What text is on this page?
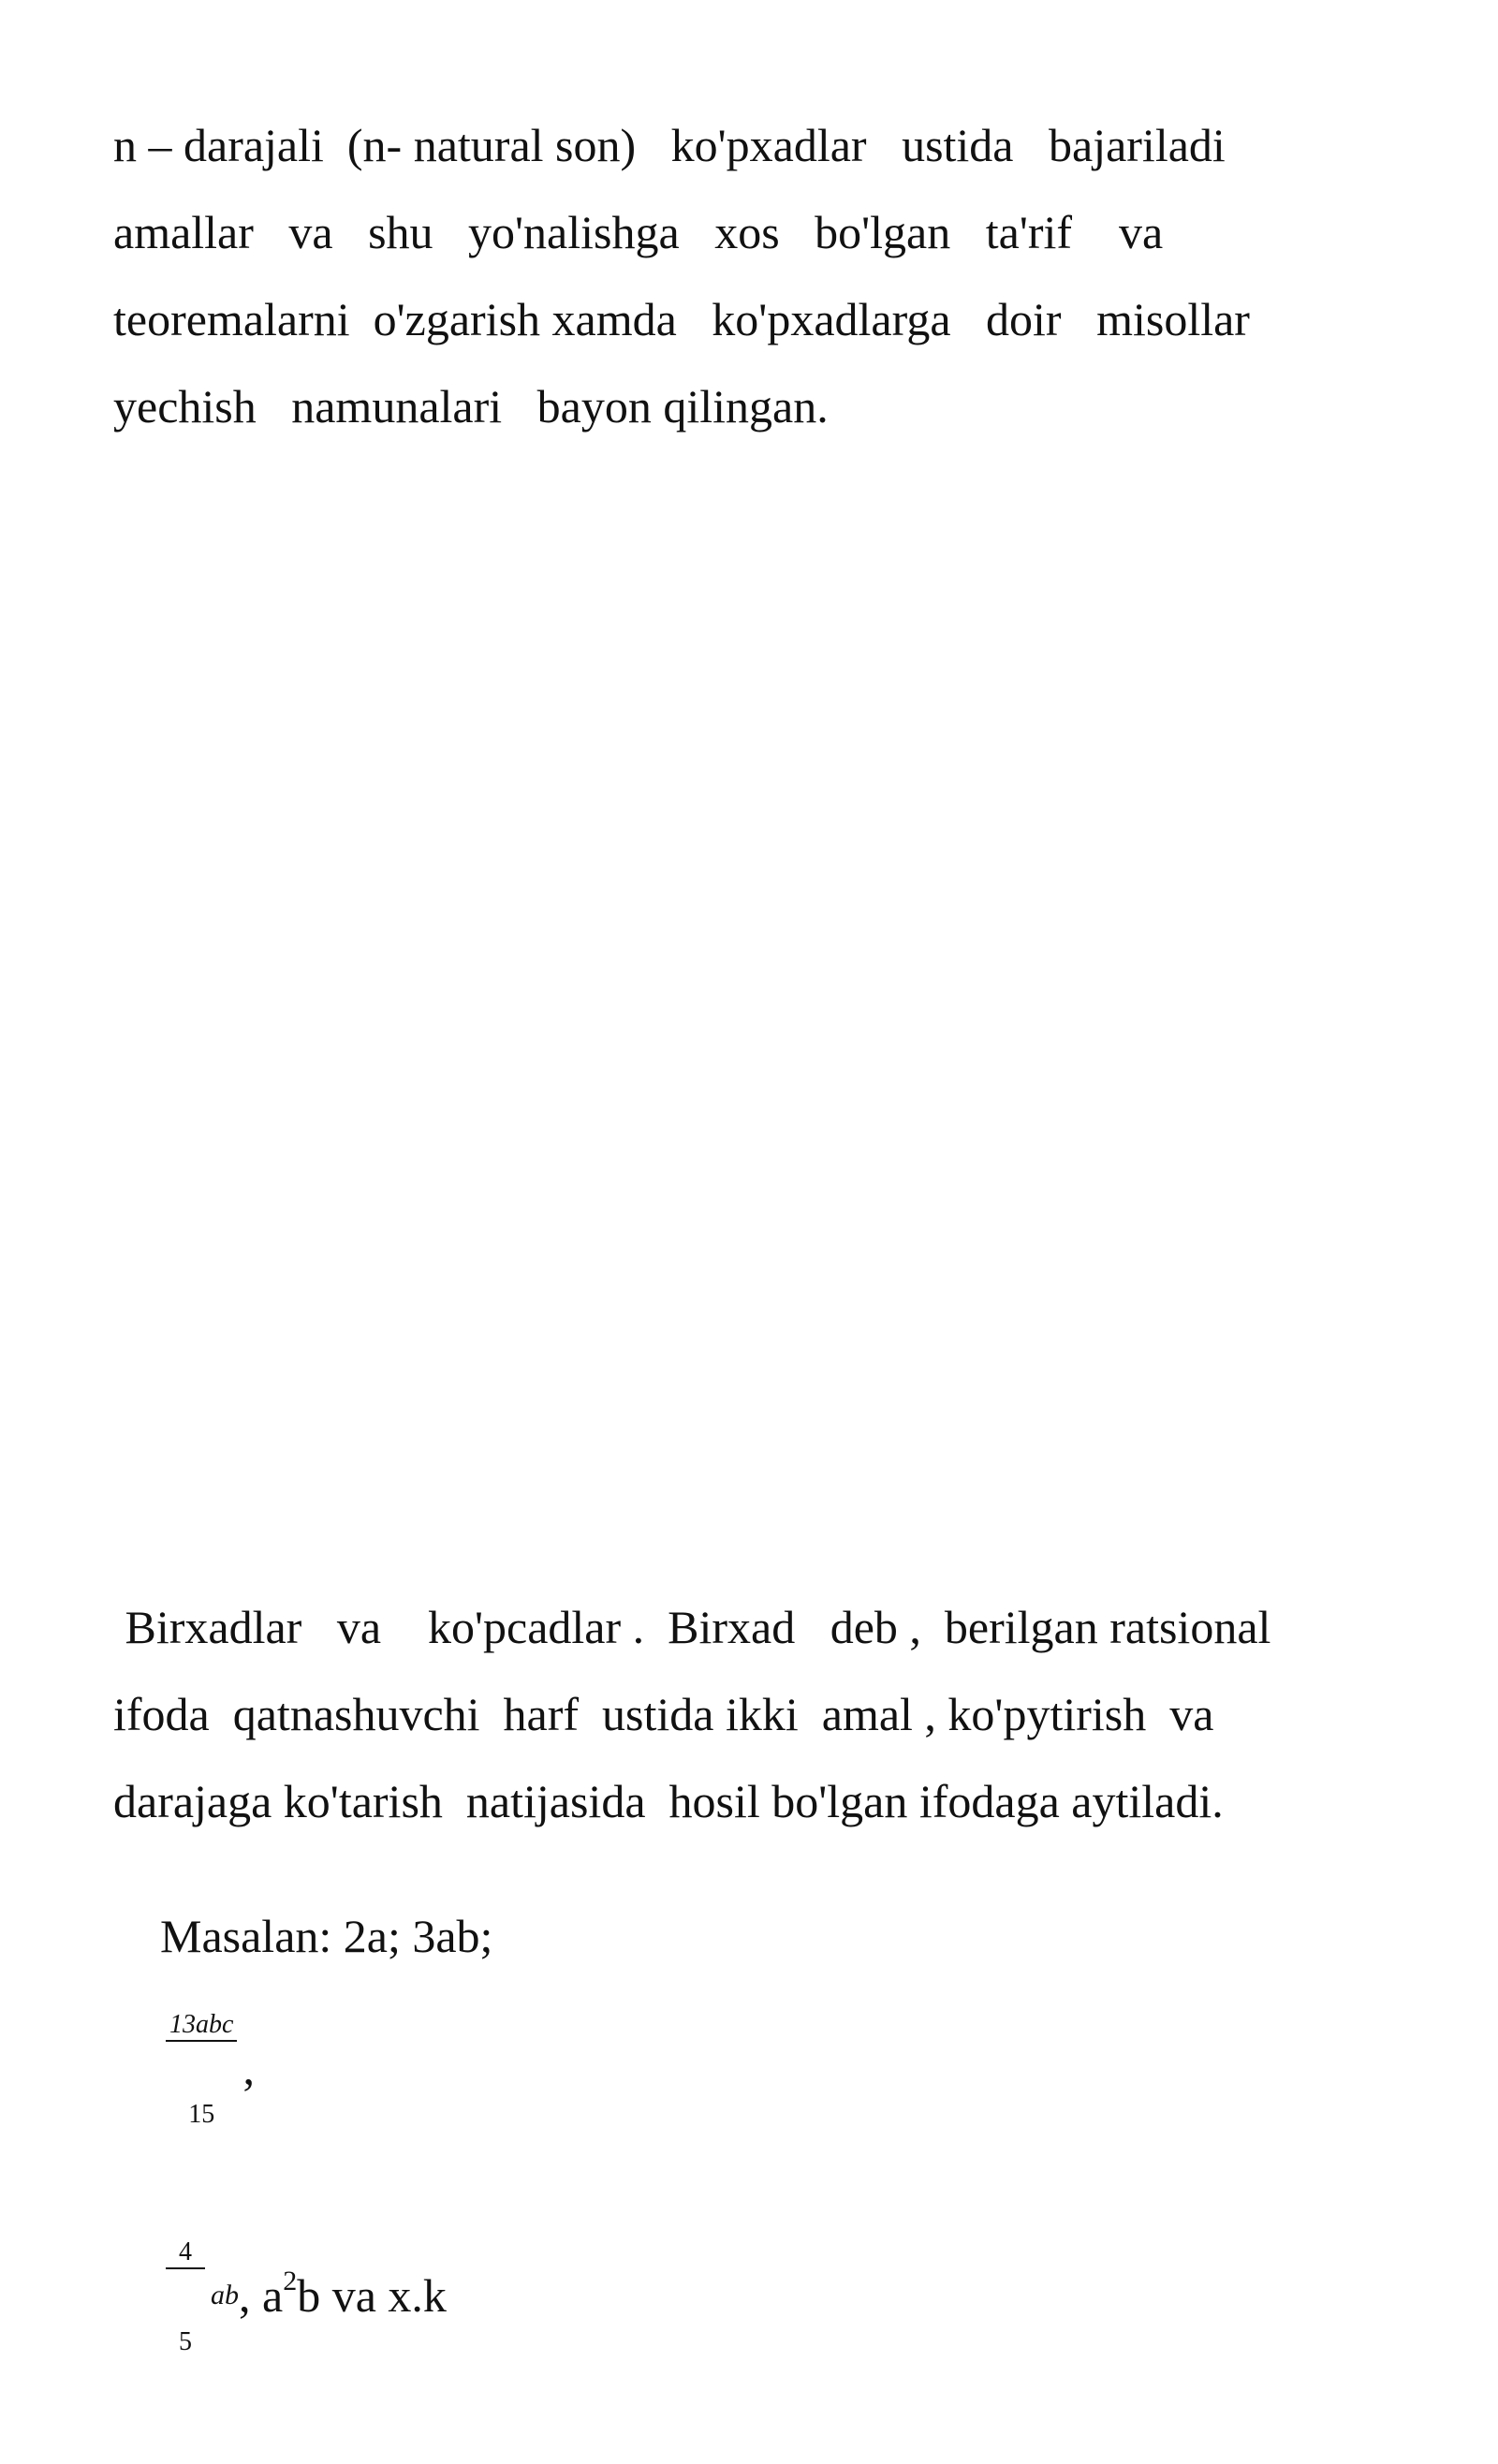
n – darajali  (n- natural son)   ko'pxadlar   ustida   bajariladi
amallar   va   shu   yo'nalishga   xos   bo'lgan   ta'rif    va
teoremalarni  o'zgarish xamda   ko'pxadlarga   doir   misollar
yechish   namunalari   bayon qilingan.
Birxadlar   va    ko'pcadlar .  Birxad   deb ,  berilgan ratsional
ifoda  qatnashuvchi  harf  ustida ikki  amal , ko'pytirish  va
darajaga ko'tarish  natijasida  hosil bo'lgan ifodaga aytiladi.

Masalan: 2a; 3ab;

$\frac{\text{13abc}}{15}$ ,

$\frac{4}{5}$ ab, $a^2b$ va x.k
